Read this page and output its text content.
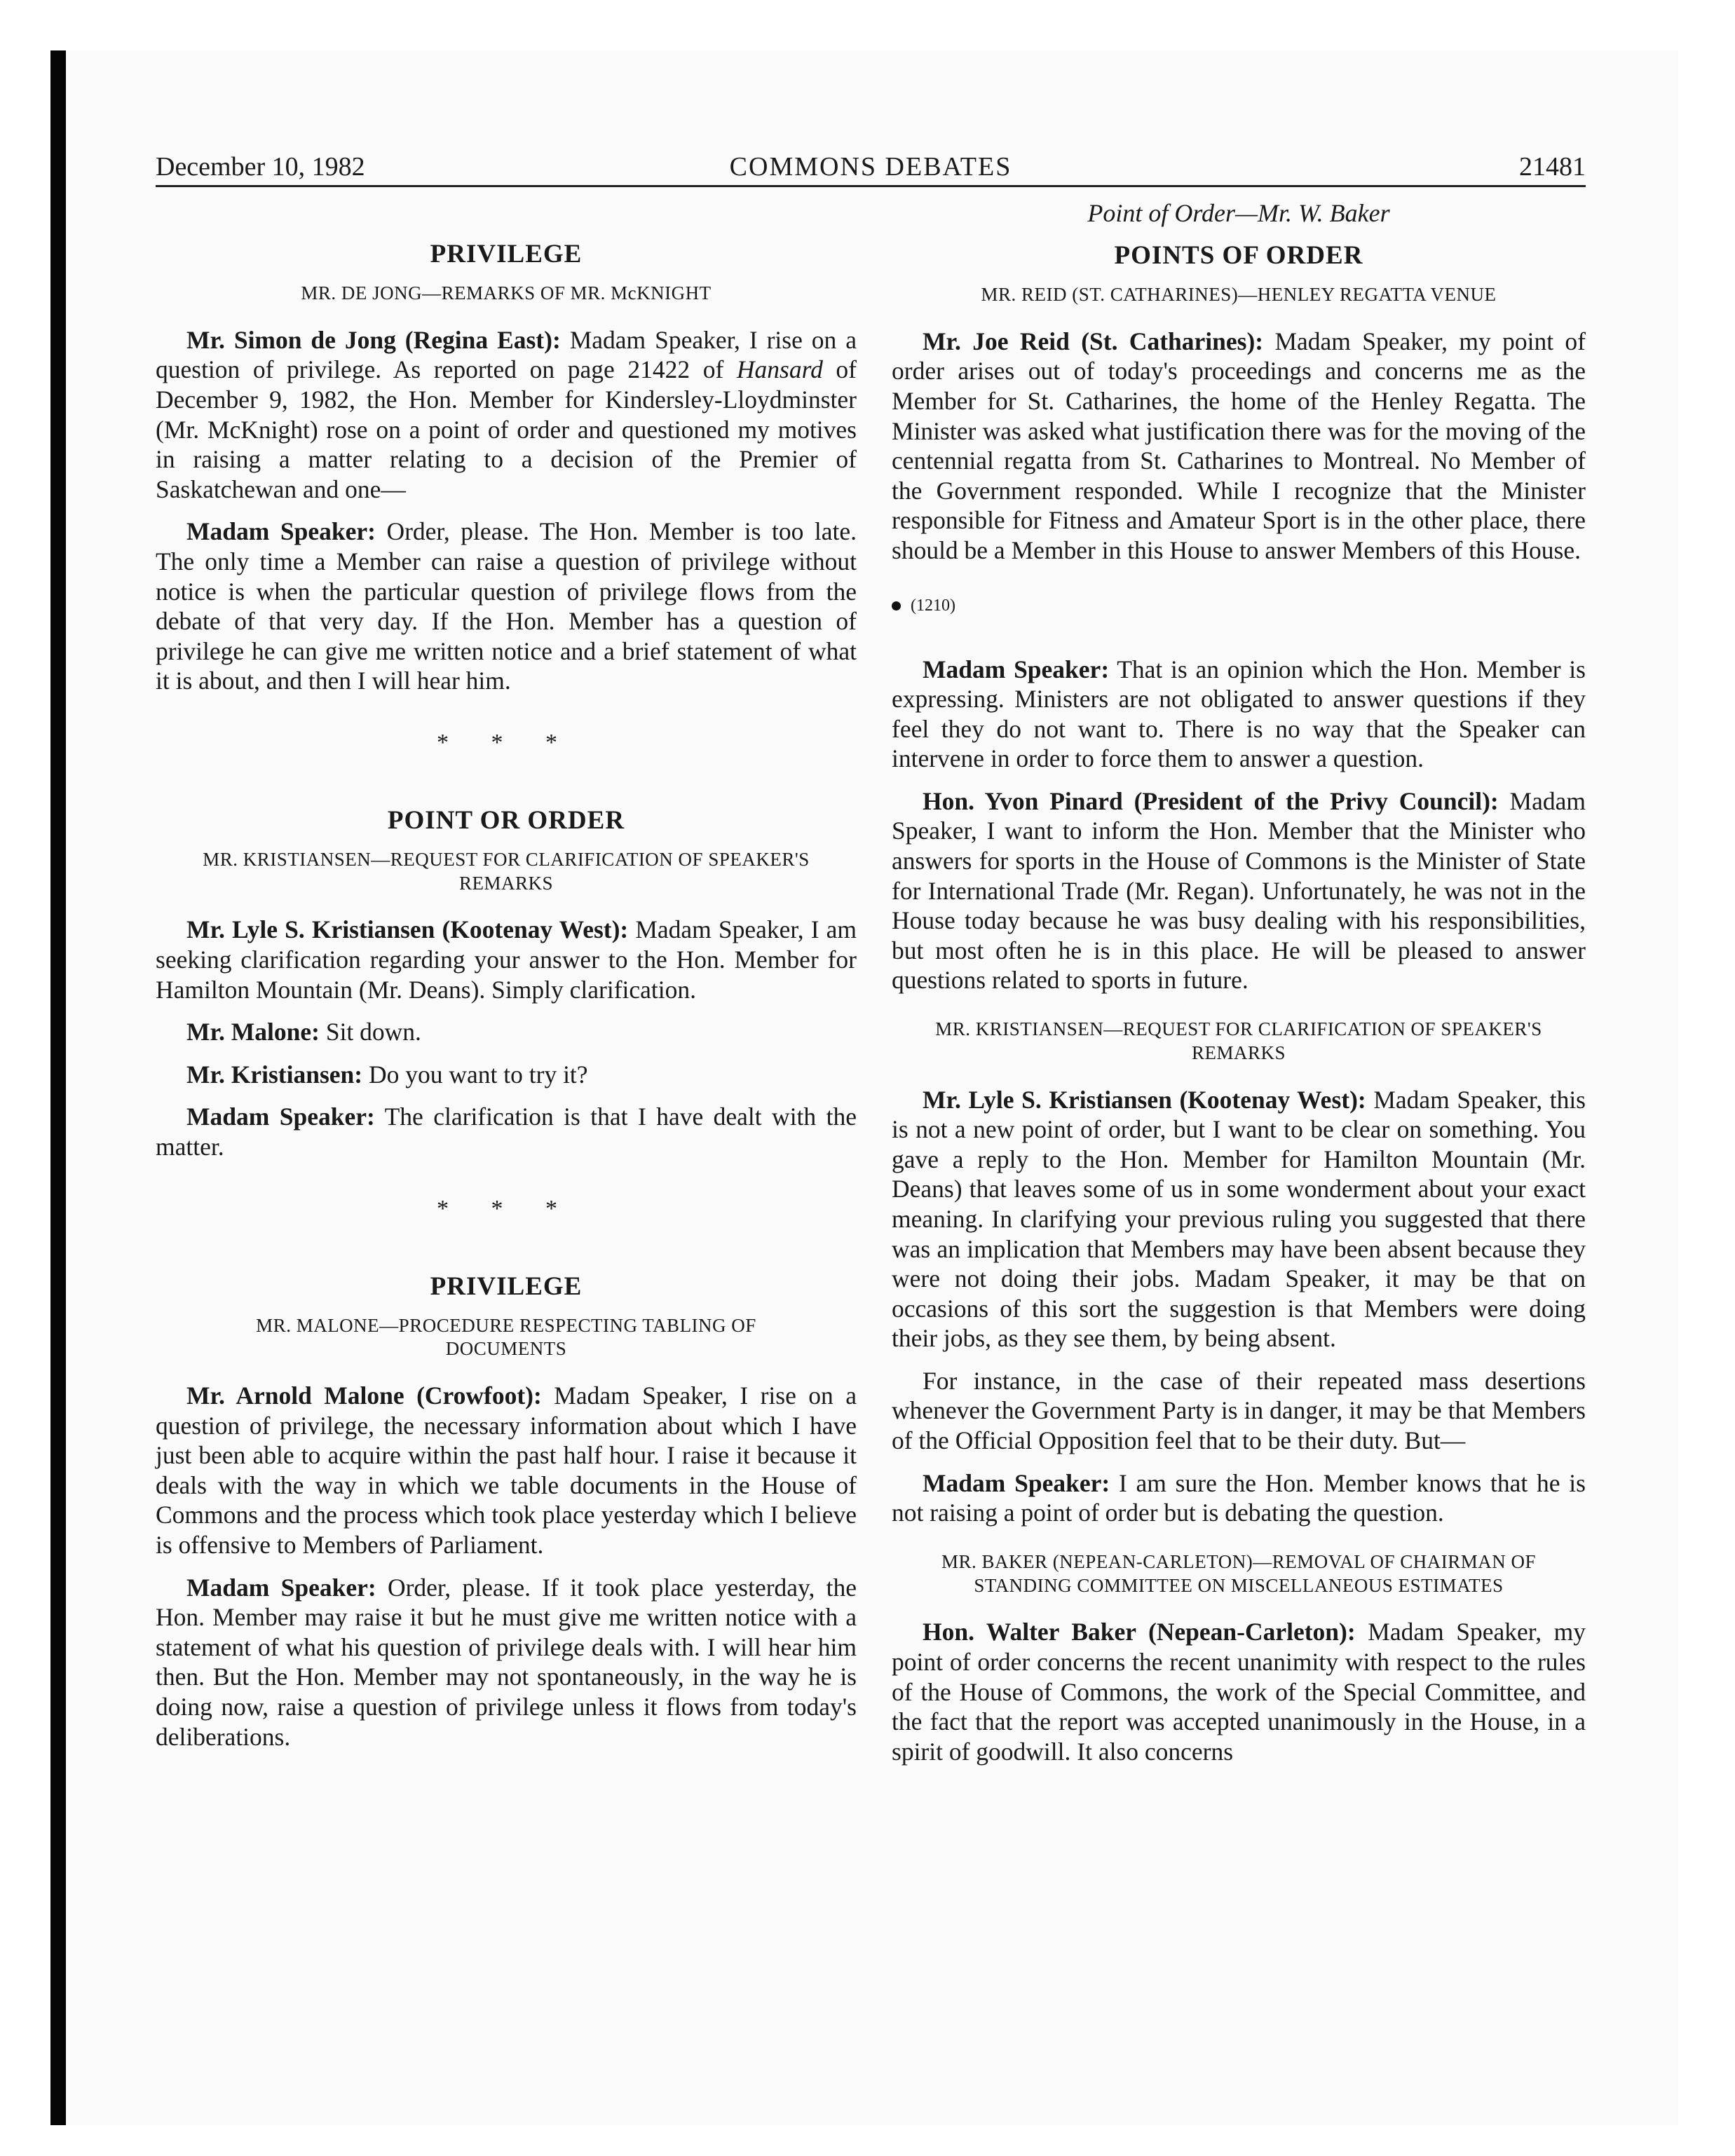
December 10, 1982	COMMONS DEBATES	21481
PRIVILEGE
MR. DE JONG—REMARKS OF MR. McKNIGHT

Mr. Simon de Jong (Regina East): Madam Speaker, I rise on a question of privilege. As reported on page 21422 of Hansard of December 9, 1982, the Hon. Member for Kindersley-Lloydminster (Mr. McKnight) rose on a point of order and questioned my motives in raising a matter relating to a decision of the Premier of Saskatchewan and one—

Madam Speaker: Order, please. The Hon. Member is too late. The only time a Member can raise a question of privilege without notice is when the particular question of privilege flows from the debate of that very day. If the Hon. Member has a question of privilege he can give me written notice and a brief statement of what it is about, and then I will hear him.

* * *
POINT OR ORDER
MR. KRISTIANSEN—REQUEST FOR CLARIFICATION OF SPEAKER'S REMARKS

Mr. Lyle S. Kristiansen (Kootenay West): Madam Speaker, I am seeking clarification regarding your answer to the Hon. Member for Hamilton Mountain (Mr. Deans). Simply clarification.

Mr. Malone: Sit down.

Mr. Kristiansen: Do you want to try it?

Madam Speaker: The clarification is that I have dealt with the matter.

* * *
PRIVILEGE
MR. MALONE—PROCEDURE RESPECTING TABLING OF DOCUMENTS

Mr. Arnold Malone (Crowfoot): Madam Speaker, I rise on a question of privilege, the necessary information about which I have just been able to acquire within the past half hour. I raise it because it deals with the way in which we table documents in the House of Commons and the process which took place yesterday which I believe is offensive to Members of Parliament.

Madam Speaker: Order, please. If it took place yesterday, the Hon. Member may raise it but he must give me written notice with a statement of what his question of privilege deals with. I will hear him then. But the Hon. Member may not spontaneously, in the way he is doing now, raise a question of privilege unless it flows from today's deliberations.

Point of Order—Mr. W. Baker
POINTS OF ORDER
MR. REID (ST. CATHARINES)—HENLEY REGATTA VENUE

Mr. Joe Reid (St. Catharines): Madam Speaker, my point of order arises out of today's proceedings and concerns me as the Member for St. Catharines, the home of the Henley Regatta. The Minister was asked what justification there was for the moving of the centennial regatta from St. Catharines to Montreal. No Member of the Government responded. While I recognize that the Minister responsible for Fitness and Amateur Sport is in the other place, there should be a Member in this House to answer Members of this House.

(1210)

Madam Speaker: That is an opinion which the Hon. Member is expressing. Ministers are not obligated to answer questions if they feel they do not want to. There is no way that the Speaker can intervene in order to force them to answer a question.

Hon. Yvon Pinard (President of the Privy Council): Madam Speaker, I want to inform the Hon. Member that the Minister who answers for sports in the House of Commons is the Minister of State for International Trade (Mr. Regan). Unfortunately, he was not in the House today because he was busy dealing with his responsibilities, but most often he is in this place. He will be pleased to answer questions related to sports in future.

MR. KRISTIANSEN—REQUEST FOR CLARIFICATION OF SPEAKER'S REMARKS

Mr. Lyle S. Kristiansen (Kootenay West): Madam Speaker, this is not a new point of order, but I want to be clear on something. You gave a reply to the Hon. Member for Hamilton Mountain (Mr. Deans) that leaves some of us in some wonderment about your exact meaning. In clarifying your previous ruling you suggested that there was an implication that Members may have been absent because they were not doing their jobs. Madam Speaker, it may be that on occasions of this sort the suggestion is that Members were doing their jobs, as they see them, by being absent.

For instance, in the case of their repeated mass desertions whenever the Government Party is in danger, it may be that Members of the Official Opposition feel that to be their duty. But—

Madam Speaker: I am sure the Hon. Member knows that he is not raising a point of order but is debating the question.

MR. BAKER (NEPEAN-CARLETON)—REMOVAL OF CHAIRMAN OF STANDING COMMITTEE ON MISCELLANEOUS ESTIMATES

Hon. Walter Baker (Nepean-Carleton): Madam Speaker, my point of order concerns the recent unanimity with respect to the rules of the House of Commons, the work of the Special Committee, and the fact that the report was accepted unanimously in the House, in a spirit of goodwill. It also concerns
